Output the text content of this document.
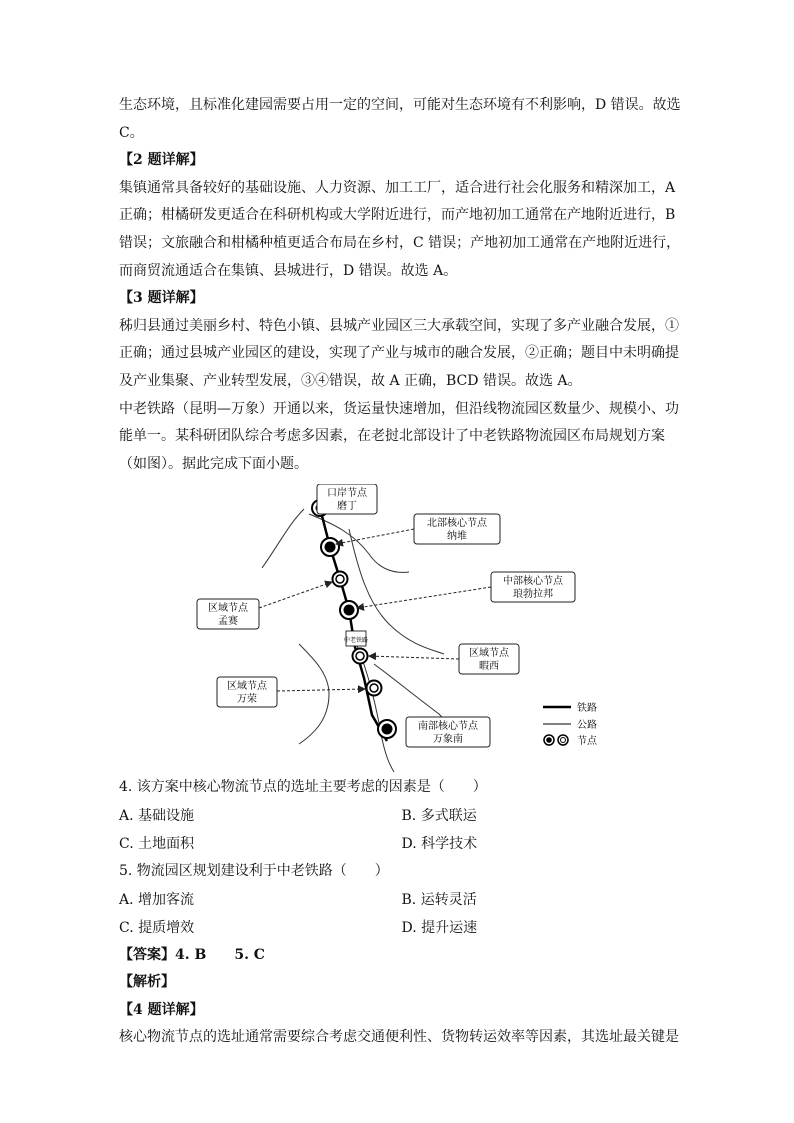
生态环境，且标准化建园需要占用一定的空间，可能对生态环境有不利影响，D 错误。故选

C。

【2 题详解】

集镇通常具备较好的基础设施、人力资源、加工工厂，适合进行社会化服务和精深加工，A

正确；柑橘研发更适合在科研机构或大学附近进行，而产地初加工通常在产地附近进行，B

错误；文旅融合和柑橘种植更适合布局在乡村，C 错误；产地初加工通常在产地附近进行，

而商贸流通适合在集镇、县城进行，D 错误。故选 A。

【3 题详解】

秭归县通过美丽乡村、特色小镇、县城产业园区三大承载空间，实现了多产业融合发展，①

正确；通过县城产业园区的建设，实现了产业与城市的融合发展，②正确；题目中未明确提

及产业集聚、产业转型发展，③④错误，故 A 正确，BCD 错误。故选 A。

中老铁路（昆明—万象）开通以来，货运量快速增加，但沿线物流园区数量少、规模小、功

能单一。某科研团队综合考虑多因素，在老挝北部设计了中老铁路物流园区布局规划方案

（如图）。据此完成下面小题。

中老铁路
口岸节点
磨丁
北部核心节点
纳堆
中部核心节点
琅勃拉邦
区域节点
孟赛
区域节点
万荣
区域节点
暇西
南部核心节点
万象南
铁路
公路
节点

4. 该方案中核心物流节点的选址主要考虑的因素是（　　）

A. 基础设施	B. 多式联运
C. 土地面积	D. 科学技术

5. 物流园区规划建设利于中老铁路（　　）

A. 增加客流	B. 运转灵活
C. 提质增效	D. 提升运速

【答案】4. B　　5. C

【解析】

【4 题详解】

核心物流节点的选址通常需要综合考虑交通便利性、货物转运效率等因素，其选址最关键是
